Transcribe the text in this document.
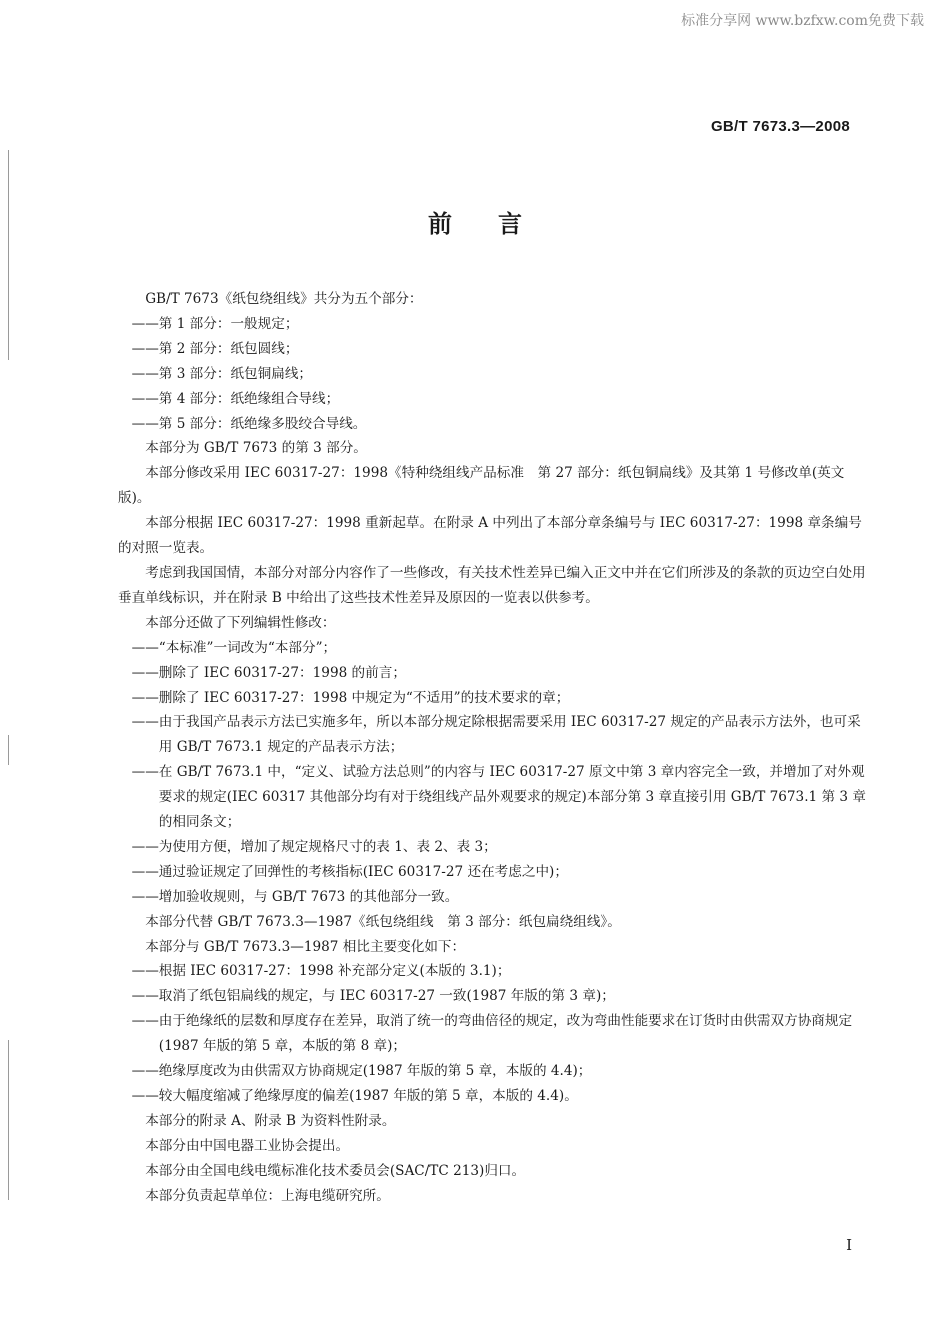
标准分享网 www.bzfxw.com免费下载
GB/T 7673.3—2008
前言

GB/T 7673《纸包绕组线》共分为五个部分：

——第 1 部分：一般规定；

——第 2 部分：纸包圆线；

——第 3 部分：纸包铜扁线；

——第 4 部分：纸绝缘组合导线；

——第 5 部分：纸绝缘多股绞合导线。

本部分为 GB/T 7673 的第 3 部分。

本部分修改采用 IEC 60317-27：1998《特种绕组线产品标准　第 27 部分：纸包铜扁线》及其第 1 号修改单(英文版)。

本部分根据 IEC 60317-27：1998 重新起草。在附录 A 中列出了本部分章条编号与 IEC 60317-27：1998 章条编号的对照一览表。

考虑到我国国情，本部分对部分内容作了一些修改，有关技术性差异已编入正文中并在它们所涉及的条款的页边空白处用垂直单线标识，并在附录 B 中给出了这些技术性差异及原因的一览表以供参考。

本部分还做了下列编辑性修改：

——“本标准”一词改为“本部分”；

——删除了 IEC 60317-27：1998 的前言；

——删除了 IEC 60317-27：1998 中规定为“不适用”的技术要求的章；

——由于我国产品表示方法已实施多年，所以本部分规定除根据需要采用 IEC 60317-27 规定的产品表示方法外，也可采用 GB/T 7673.1 规定的产品表示方法；

——在 GB/T 7673.1 中，“定义、试验方法总则”的内容与 IEC 60317-27 原文中第 3 章内容完全一致，并增加了对外观要求的规定(IEC 60317 其他部分均有对于绕组线产品外观要求的规定)本部分第 3 章直接引用 GB/T 7673.1 第 3 章的相同条文；

——为使用方便，增加了规定规格尺寸的表 1、表 2、表 3；

——通过验证规定了回弹性的考核指标(IEC 60317-27 还在考虑之中)；

——增加验收规则，与 GB/T 7673 的其他部分一致。

本部分代替 GB/T 7673.3—1987《纸包绕组线　第 3 部分：纸包扁绕组线》。

本部分与 GB/T 7673.3—1987 相比主要变化如下：

——根据 IEC 60317-27：1998 补充部分定义(本版的 3.1)；

——取消了纸包铝扁线的规定，与 IEC 60317-27 一致(1987 年版的第 3 章)；

——由于绝缘纸的层数和厚度存在差异，取消了统一的弯曲倍径的规定，改为弯曲性能要求在订货时由供需双方协商规定(1987 年版的第 5 章，本版的第 8 章)；

——绝缘厚度改为由供需双方协商规定(1987 年版的第 5 章，本版的 4.4)；

——较大幅度缩减了绝缘厚度的偏差(1987 年版的第 5 章，本版的 4.4)。

本部分的附录 A、附录 B 为资料性附录。

本部分由中国电器工业协会提出。

本部分由全国电线电缆标准化技术委员会(SAC/TC 213)归口。

本部分负责起草单位：上海电缆研究所。

I
